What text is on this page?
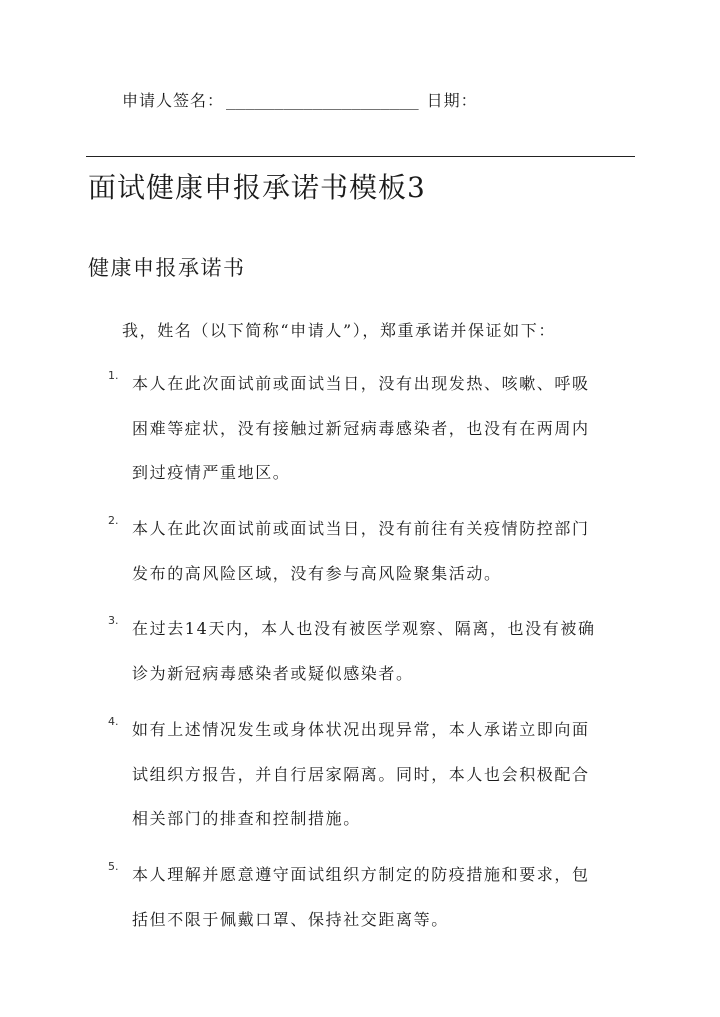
申请人签名： ____________________ 日期：
面试健康申报承诺书模板3
健康申报承诺书
我，姓名（以下简称“申请人”），郑重承诺并保证如下：
1. 本人在此次面试前或面试当日，没有出现发热、咳嗽、呼吸
困难等症状，没有接触过新冠病毒感染者，也没有在两周内
到过疫情严重地区。
2. 本人在此次面试前或面试当日，没有前往有关疫情防控部门
发布的高风险区域，没有参与高风险聚集活动。
3. 在过去14天内，本人也没有被医学观察、隔离，也没有被确
诊为新冠病毒感染者或疑似感染者。
4. 如有上述情况发生或身体状况出现异常，本人承诺立即向面
试组织方报告，并自行居家隔离。同时，本人也会积极配合
相关部门的排查和控制措施。
5. 本人理解并愿意遵守面试组织方制定的防疫措施和要求，包
括但不限于佩戴口罩、保持社交距离等。
